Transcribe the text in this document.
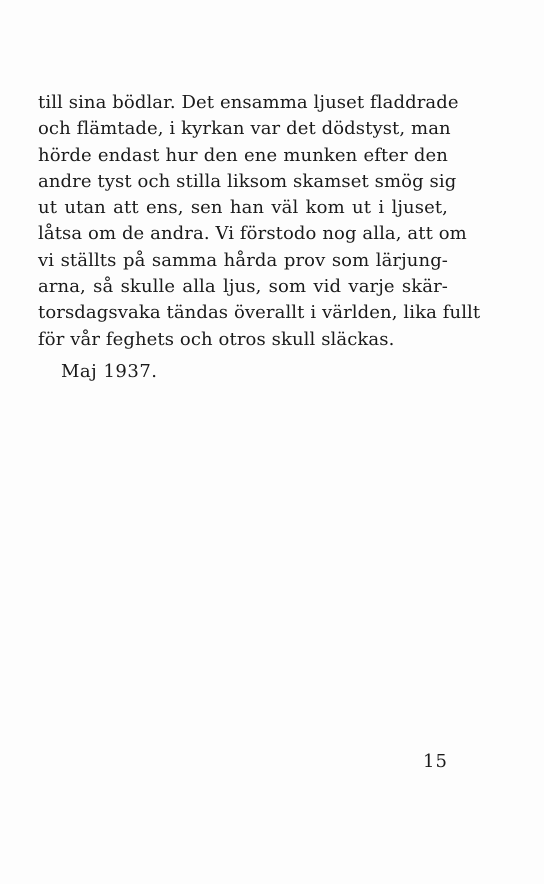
till sina bödlar. Det ensamma ljuset fladdrade
och flämtade, i kyrkan var det dödstyst, man
hörde endast hur den ene munken efter den
andre tyst och stilla liksom skamset smög sig
ut utan att ens, sen han väl kom ut i ljuset,
låtsa om de andra. Vi förstodo nog alla, att om
vi ställts på samma hårda prov som lärjung-
arna, så skulle alla ljus, som vid varje skär-
torsdagsvaka tändas överallt i världen, lika fullt
för vår feghets och otros skull släckas.
Maj 1937.
15
